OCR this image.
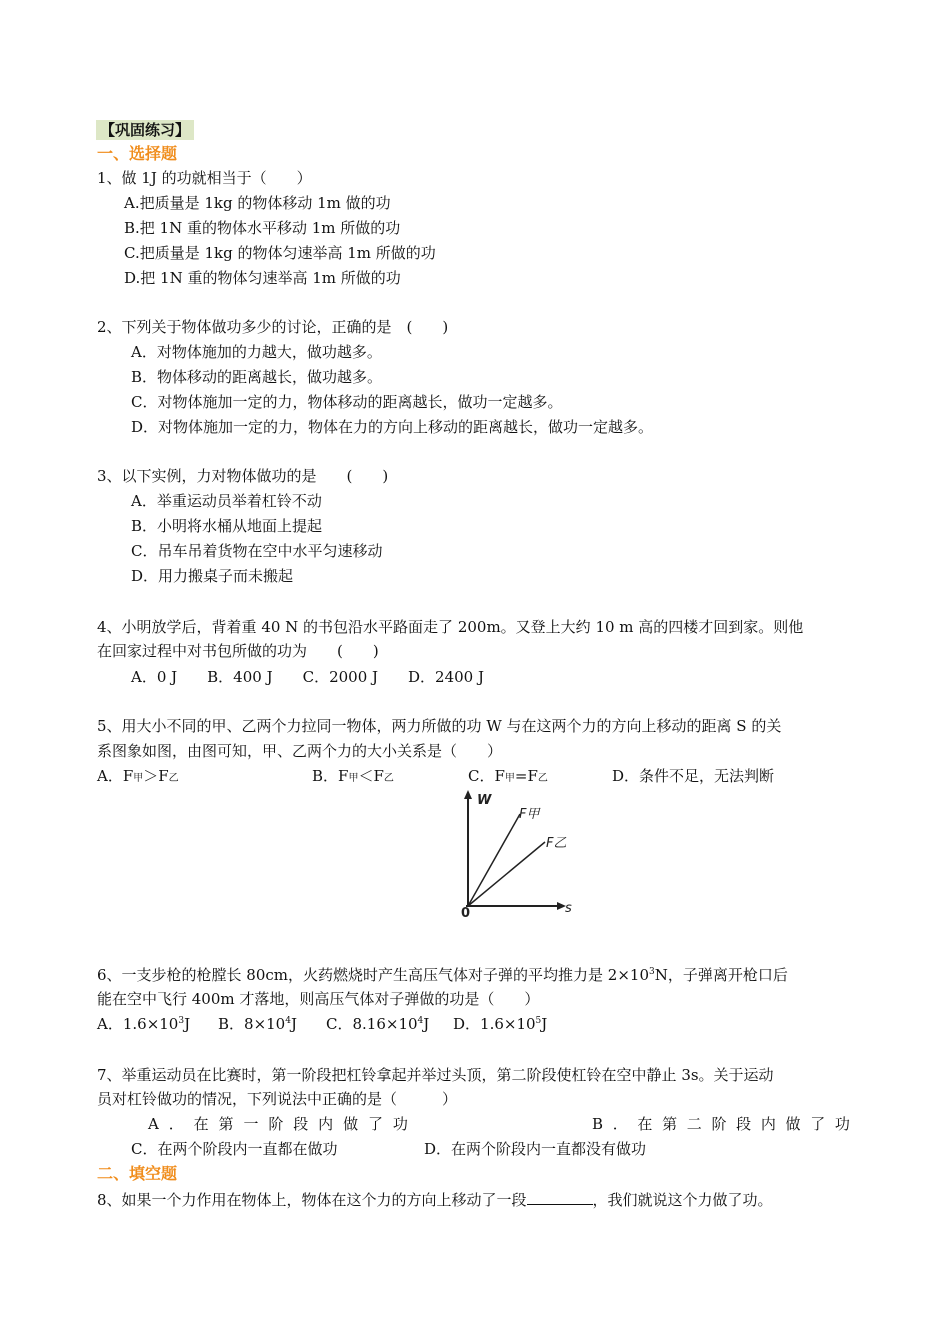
【巩固练习】
一、选择题
1、做 1J 的功就相当于（　　）
A.把质量是 1kg 的物体移动 1m 做的功
B.把 1N 重的物体水平移动 1m 所做的功
C.把质量是 1kg 的物体匀速举高 1m 所做的功
D.把 1N 重的物体匀速举高 1m 所做的功
2、下列关于物体做功多少的讨论，正确的是　(　　)
A．对物体施加的力越大，做功越多。
B．物体移动的距离越长，做功越多。
C．对物体施加一定的力，物体移动的距离越长，做功一定越多。
D．对物体施加一定的力，物体在力的方向上移动的距离越长，做功一定越多。
3、以下实例，力对物体做功的是　　(　　)
A．举重运动员举着杠铃不动
B．小明将水桶从地面上提起
C．吊车吊着货物在空中水平匀速移动
D．用力搬桌子而未搬起
4、小明放学后，背着重 40 N 的书包沿水平路面走了 200m。又登上大约 10 m 高的四楼才回到家。则他
在回家过程中对书包所做的功为　　(　　)
A．0 J　　B．400 J　　C．2000 J　　D．2400 J
5、用大小不同的甲、乙两个力拉同一物体，两力所做的功 W 与在这两个力的方向上移动的距离 S 的关
系图象如图，由图可知，甲、乙两个力的大小关系是（　　）
A．F甲＞F乙	B．F甲＜F乙	C．F甲=F乙	D．条件不足，无法判断
W
s
0
F甲
F乙
6、一支步枪的枪膛长 80cm，火药燃烧时产生高压气体对子弹的平均推力是 $2\times 10^3N$，子弹离开枪口后
能在空中飞行 400m 才落地，则高压气体对子弹做的功是（　　）
A．$1.6\times 10^3J$ B．$8\times 10^4J$ C．$8.16\times 10^4J$ D．$1.6\times 10^5J$
7、举重运动员在比赛时，第一阶段把杠铃拿起并举过头顶，第二阶段使杠铃在空中静止 3s。关于运动
员对杠铃做功的情况，下列说法中正确的是（　　　）
A ． 在 第 一 阶 段 内 做 了 功	B ． 在 第 二 阶 段 内 做 了 功
C．在两个阶段内一直都在做功	D．在两个阶段内一直都没有做功
二、填空题
8、如果一个力作用在物体上，物体在这个力的方向上移动了一段	，我们就说这个力做了功。
